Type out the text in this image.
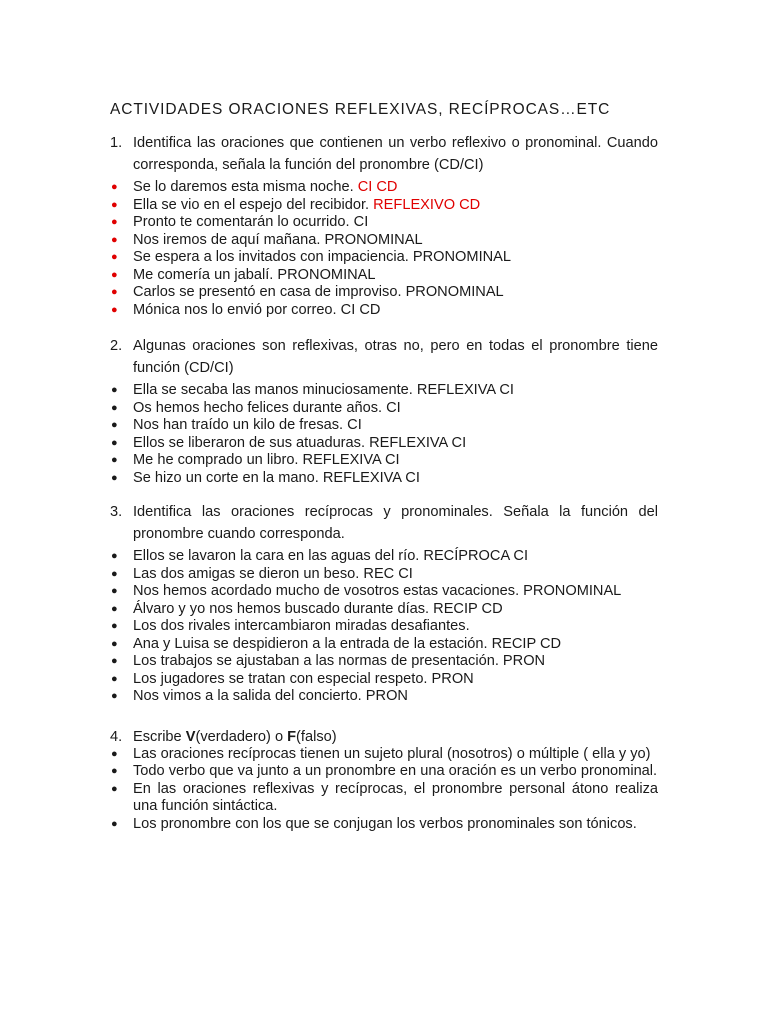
ACTIVIDADES ORACIONES REFLEXIVAS, RECÍPROCAS…ETC

1. Identifica las oraciones que contienen un verbo reflexivo o pronominal. Cuando corresponda, señala la función del pronombre (CD/CI)

● Se lo daremos esta misma noche. CI CD
● Ella se vio en el espejo del recibidor. REFLEXIVO CD
● Pronto te comentarán lo ocurrido. CI
● Nos iremos de aquí mañana. PRONOMINAL
● Se espera a los invitados con impaciencia. PRONOMINAL
● Me comería un jabalí. PRONOMINAL
● Carlos se presentó en casa de improviso. PRONOMINAL
● Mónica nos lo envió por correo. CI CD

2. Algunas oraciones son reflexivas, otras no, pero en todas el pronombre tiene función (CD/CI)

● Ella se secaba las manos minuciosamente. REFLEXIVA CI
● Os hemos hecho felices durante años. CI
● Nos han traído un kilo de fresas. CI
● Ellos se liberaron de sus atuaduras. REFLEXIVA CI
● Me he comprado un libro. REFLEXIVA CI
● Se hizo un corte en la mano. REFLEXIVA CI

3. Identifica las oraciones recíprocas y pronominales. Señala la función del pronombre cuando corresponda.

● Ellos se lavaron la cara en las aguas del río. RECÍPROCA CI
● Las dos amigas se dieron un beso. REC CI
● Nos hemos acordado mucho de vosotros estas vacaciones. PRONOMINAL
● Álvaro y yo nos hemos buscado durante días. RECIP CD
● Los dos rivales intercambiaron miradas desafiantes.
● Ana y Luisa se despidieron a la entrada de la estación. RECIP CD
● Los trabajos se ajustaban a las normas de presentación. PRON
● Los jugadores se tratan con especial respeto. PRON
● Nos vimos a la salida del concierto. PRON

4. Escribe V(verdadero) o F(falso)

● Las oraciones recíprocas tienen un sujeto plural (nosotros) o múltiple ( ella y yo)
● Todo verbo que va junto a un pronombre en una oración es un verbo pronominal.
● En las oraciones reflexivas y recíprocas, el pronombre personal átono realiza una función sintáctica.
● Los pronombre con los que se conjugan los verbos pronominales son tónicos.
